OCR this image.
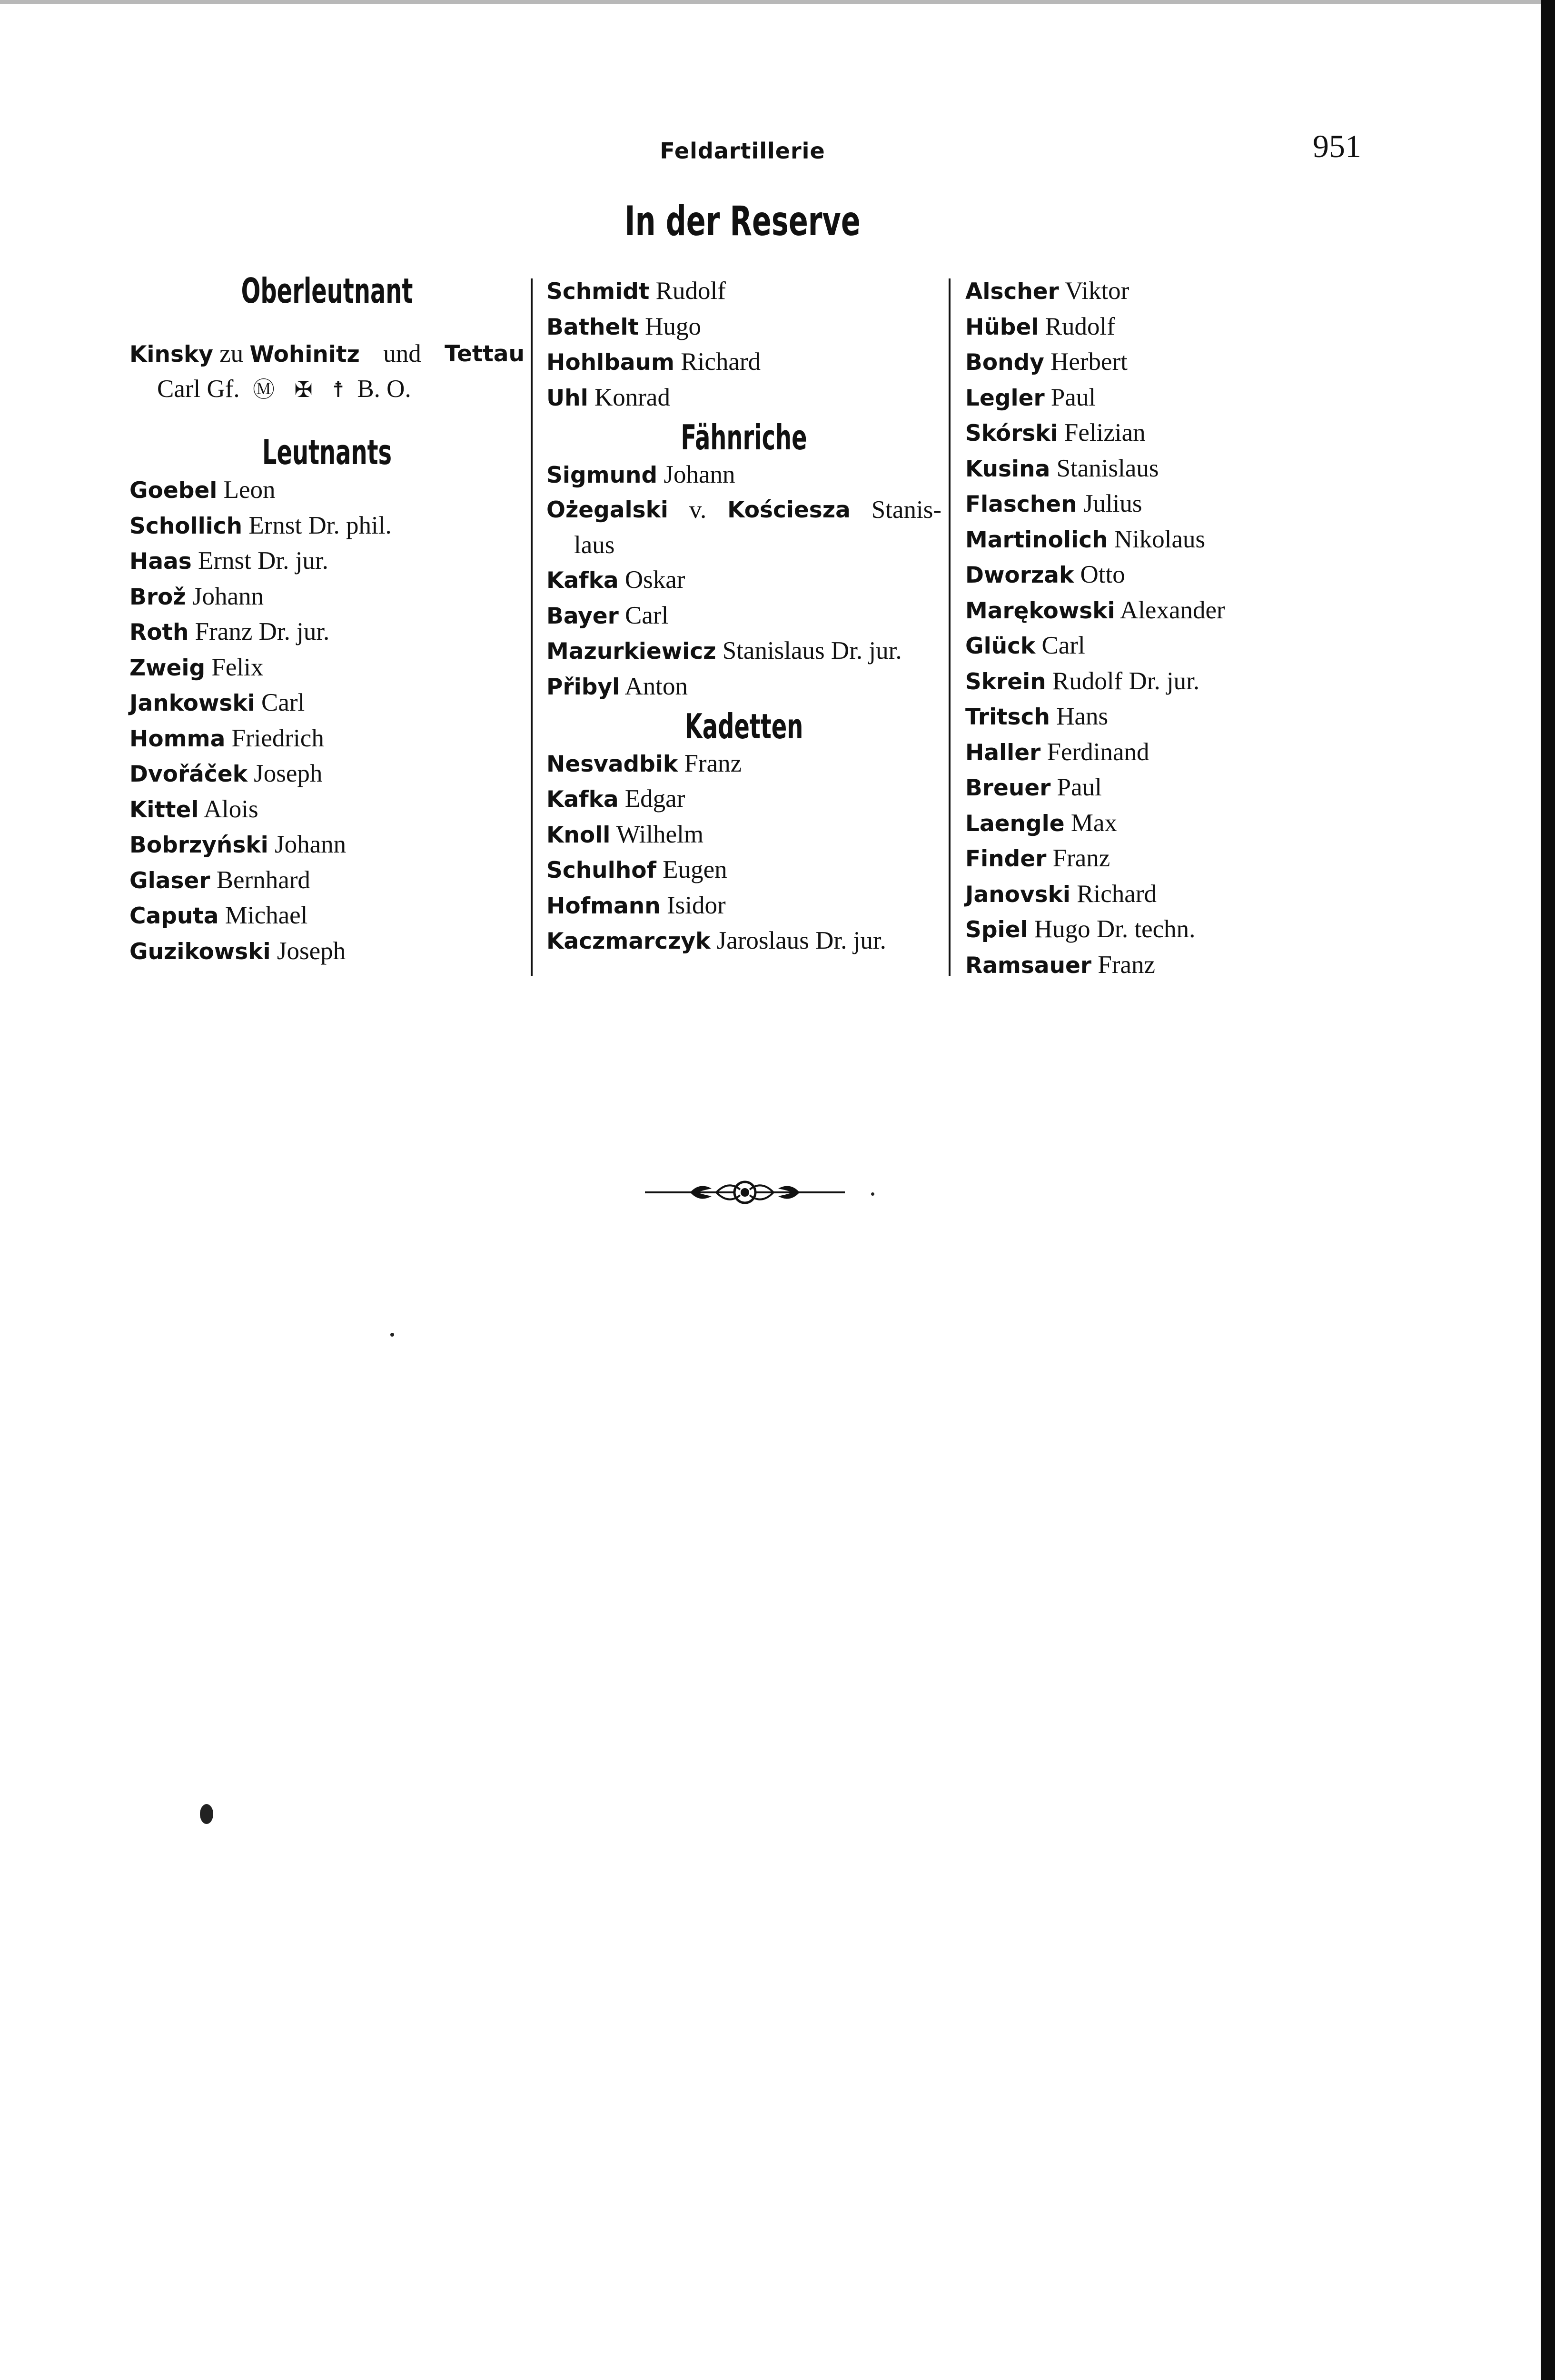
Feldartillerie	951
In der Reserve
Oberleutnant
Kinsky zu Wohinitz und Tettau
Carl Gf. Ⓜ ✠ ☨ B. O.
Leutnants
Goebel Leon
Schollich Ernst Dr. phil.
Haas Ernst Dr. jur.
Brož Johann
Roth Franz Dr. jur.
Zweig Felix
Jankowski Carl
Homma Friedrich
Dvořáček Joseph
Kittel Alois
Bobrzyński Johann
Glaser Bernhard
Caputa Michael
Guzikowski Joseph
Schmidt Rudolf
Bathelt Hugo
Hohlbaum Richard
Uhl Konrad
Fähnriche
Sigmund Johann
Ożegalski v. Kościesza Stanis-
laus
Kafka Oskar
Bayer Carl
Mazurkiewicz Stanislaus Dr. jur.
Přibyl Anton
Kadetten
Nesvadbik Franz
Kafka Edgar
Knoll Wilhelm
Schulhof Eugen
Hofmann Isidor
Kaczmarczyk Jaroslaus Dr. jur.
Alscher Viktor
Hübel Rudolf
Bondy Herbert
Legler Paul
Skórski Felizian
Kusina Stanislaus
Flaschen Julius
Martinolich Nikolaus
Dworzak Otto
Marękowski Alexander
Glück Carl
Skrein Rudolf Dr. jur.
Tritsch Hans
Haller Ferdinand
Breuer Paul
Laengle Max
Finder Franz
Janovski Richard
Spiel Hugo Dr. techn.
Ramsauer Franz
